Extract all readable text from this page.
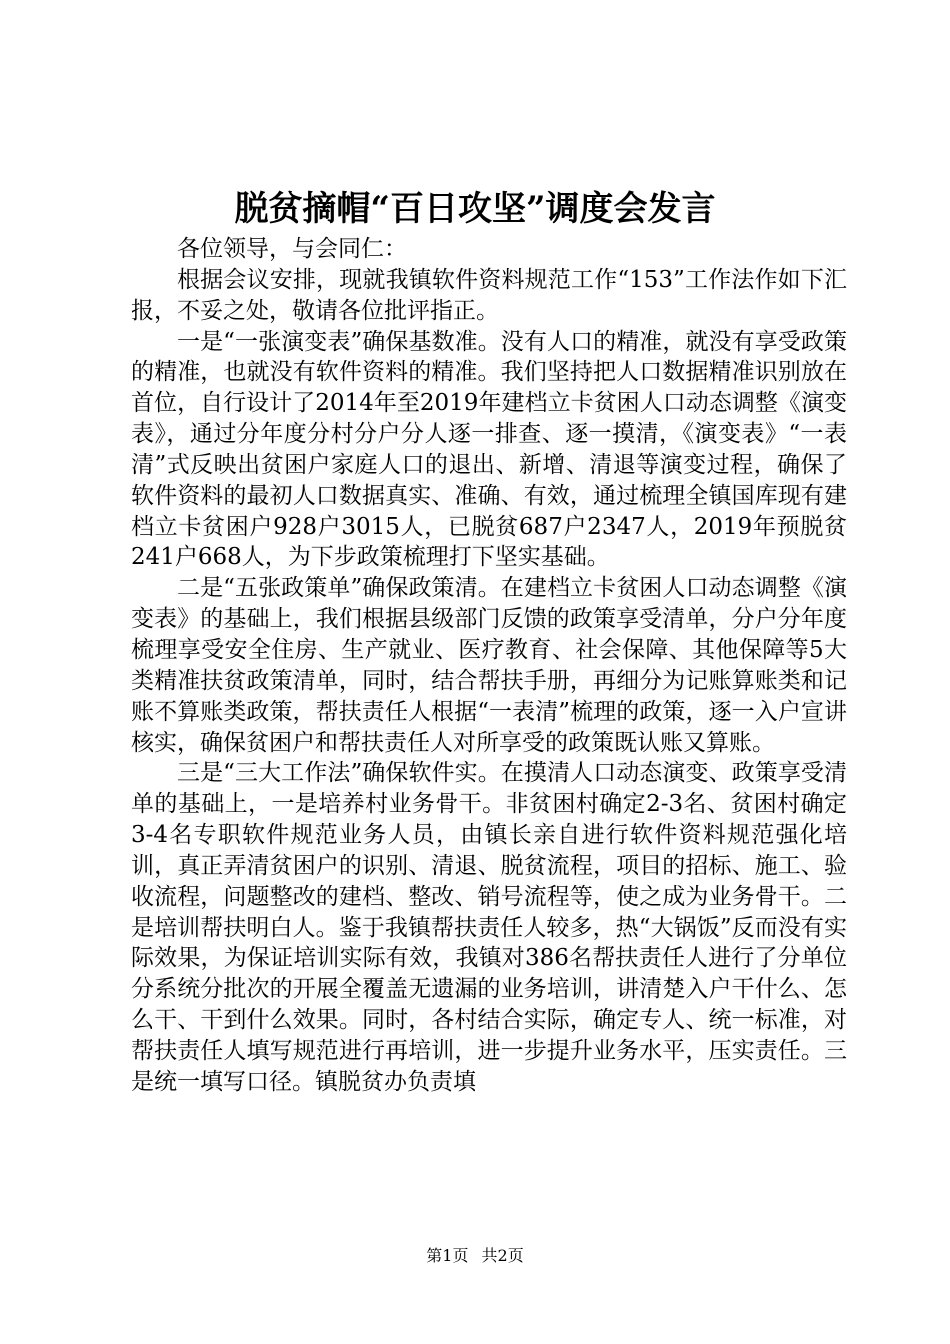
脱贫摘帽“百日攻坚”调度会发言

各位领导，与会同仁：

根据会议安排，现就我镇软件资料规范工作“153”工作法作如下汇报，不妥之处，敬请各位批评指正。

一是“一张演变表”确保基数准。没有人口的精准，就没有享受政策的精准，也就没有软件资料的精准。我们坚持把人口数据精准识别放在首位，自行设计了2014年至2019年建档立卡贫困人口动态调整《演变表》，通过分年度分村分户分人逐一排查、逐一摸清，《演变表》“一表清”式反映出贫困户家庭人口的退出、新增、清退等演变过程，确保了软件资料的最初人口数据真实、准确、有效，通过梳理全镇国库现有建档立卡贫困户928户3015人，已脱贫687户2347人，2019年预脱贫241户668人，为下步政策梳理打下坚实基础。

二是“五张政策单”确保政策清。在建档立卡贫困人口动态调整《演变表》的基础上，我们根据县级部门反馈的政策享受清单，分户分年度梳理享受安全住房、生产就业、医疗教育、社会保障、其他保障等5大类精准扶贫政策清单，同时，结合帮扶手册，再细分为记账算账类和记账不算账类政策，帮扶责任人根据“一表清”梳理的政策，逐一入户宣讲核实，确保贫困户和帮扶责任人对所享受的政策既认账又算账。

三是“三大工作法”确保软件实。在摸清人口动态演变、政策享受清单的基础上，一是培养村业务骨干。非贫困村确定2-3名、贫困村确定3-4名专职软件规范业务人员，由镇长亲自进行软件资料规范强化培训，真正弄清贫困户的识别、清退、脱贫流程，项目的招标、施工、验收流程，问题整改的建档、整改、销号流程等，使之成为业务骨干。二是培训帮扶明白人。鉴于我镇帮扶责任人较多，热“大锅饭”反而没有实际效果，为保证培训实际有效，我镇对386名帮扶责任人进行了分单位分系统分批次的开展全覆盖无遗漏的业务培训，讲清楚入户干什么、怎么干、干到什么效果。同时，各村结合实际，确定专人、统一标准，对帮扶责任人填写规范进行再培训，进一步提升业务水平，压实责任。三是统一填写口径。镇脱贫办负责填

第1页 共2页
